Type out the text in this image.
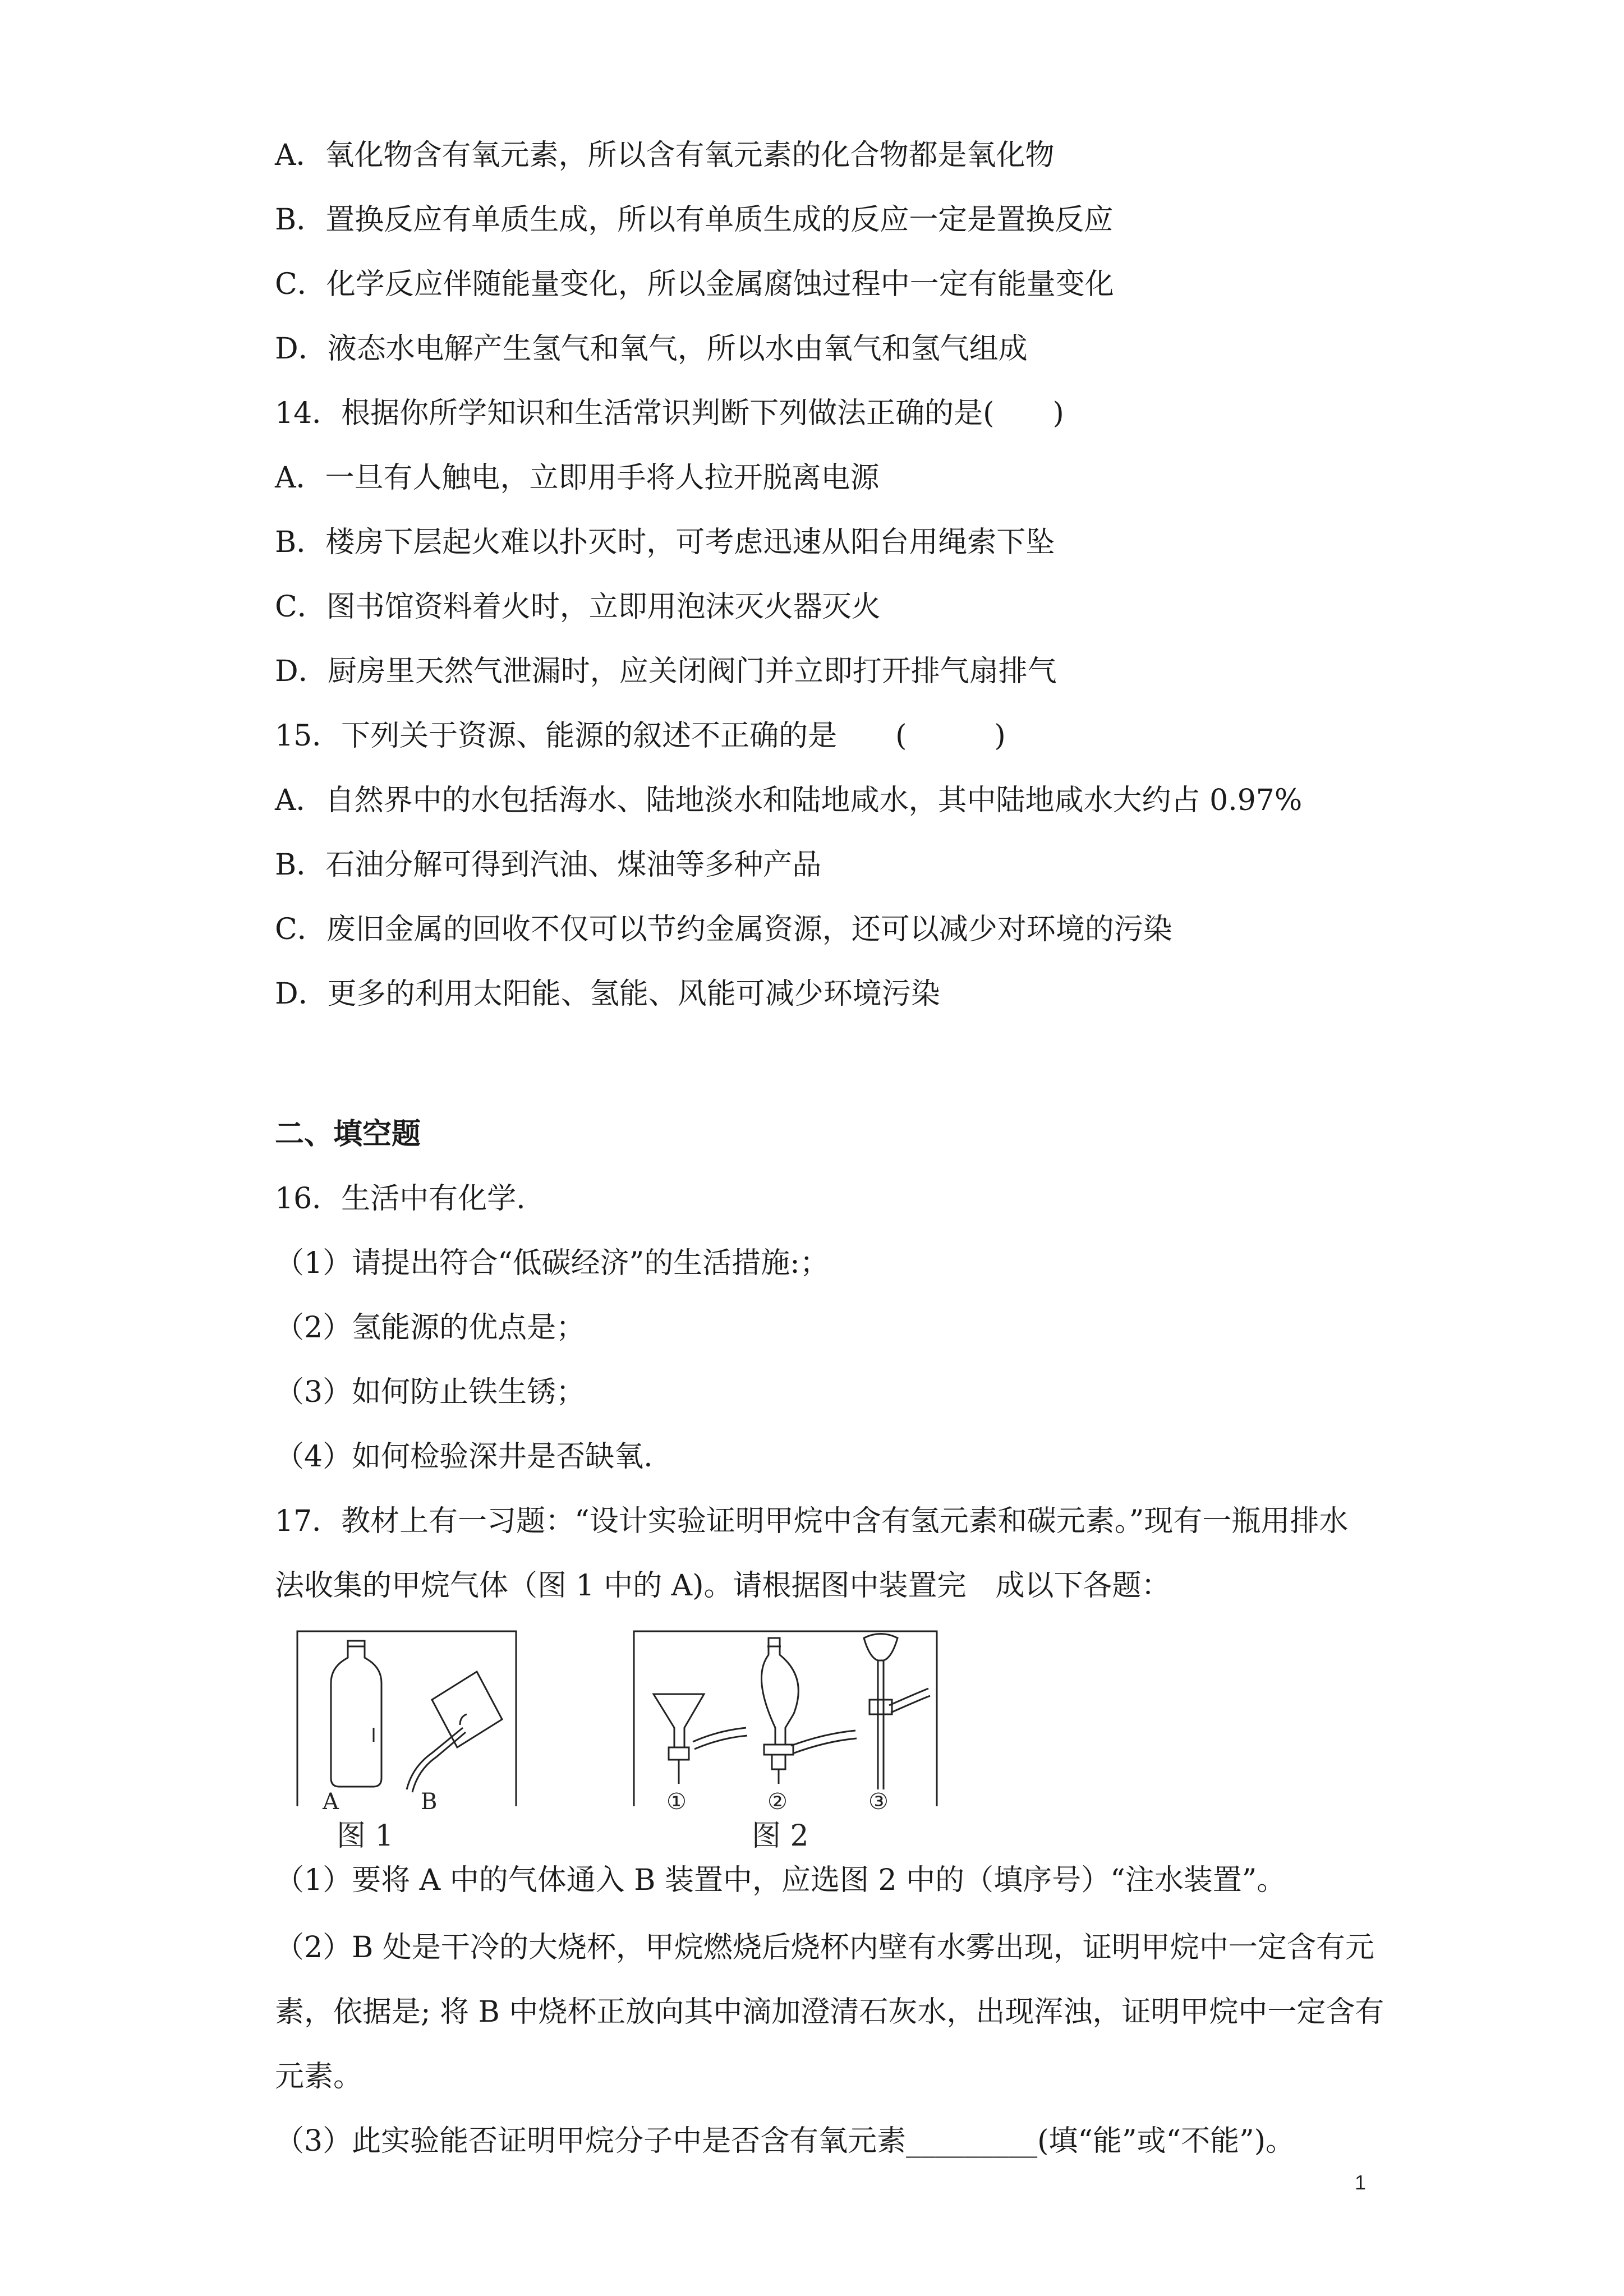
A．氧化物含有氧元素，所以含有氧元素的化合物都是氧化物
B．置换反应有单质生成，所以有单质生成的反应一定是置换反应
C．化学反应伴随能量变化，所以金属腐蚀过程中一定有能量变化
D．液态水电解产生氢气和氧气，所以水由氧气和氢气组成
14．根据你所学知识和生活常识判断下列做法正确的是(　　)
A．一旦有人触电，立即用手将人拉开脱离电源
B．楼房下层起火难以扑灭时，可考虑迅速从阳台用绳索下坠
C．图书馆资料着火时，立即用泡沫灭火器灭火
D．厨房里天然气泄漏时，应关闭阀门并立即打开排气扇排气
15．下列关于资源、能源的叙述不正确的是　　(　　　)
A．自然界中的水包括海水、陆地淡水和陆地咸水，其中陆地咸水大约占 0.97%
B．石油分解可得到汽油、煤油等多种产品
C．废旧金属的回收不仅可以节约金属资源，还可以减少对环境的污染
D．更多的利用太阳能、氢能、风能可减少环境污染
二、填空题
16．生活中有化学.
（1）请提出符合“低碳经济”的生活措施:；
（2）氢能源的优点是；
（3）如何防止铁生锈；
（4）如何检验深井是否缺氧.
17．教材上有一习题：“设计实验证明甲烷中含有氢元素和碳元素。”现有一瓶用排水
法收集的甲烷气体（图 1 中的 A)。请根据图中装置完　成以下各题：
A	B
图 1
①	②	③
图 2
（1）要将 A 中的气体通入 B 装置中，应选图 2 中的（填序号）“注水装置”。
（2）B 处是干冷的大烧杯，甲烷燃烧后烧杯内壁有水雾出现，证明甲烷中一定含有元
素，依据是; 将 B 中烧杯正放向其中滴加澄清石灰水，出现浑浊，证明甲烷中一定含有
元素。
（3）此实验能否证明甲烷分子中是否含有氧元素_________(填“能”或“不能”)。
1
